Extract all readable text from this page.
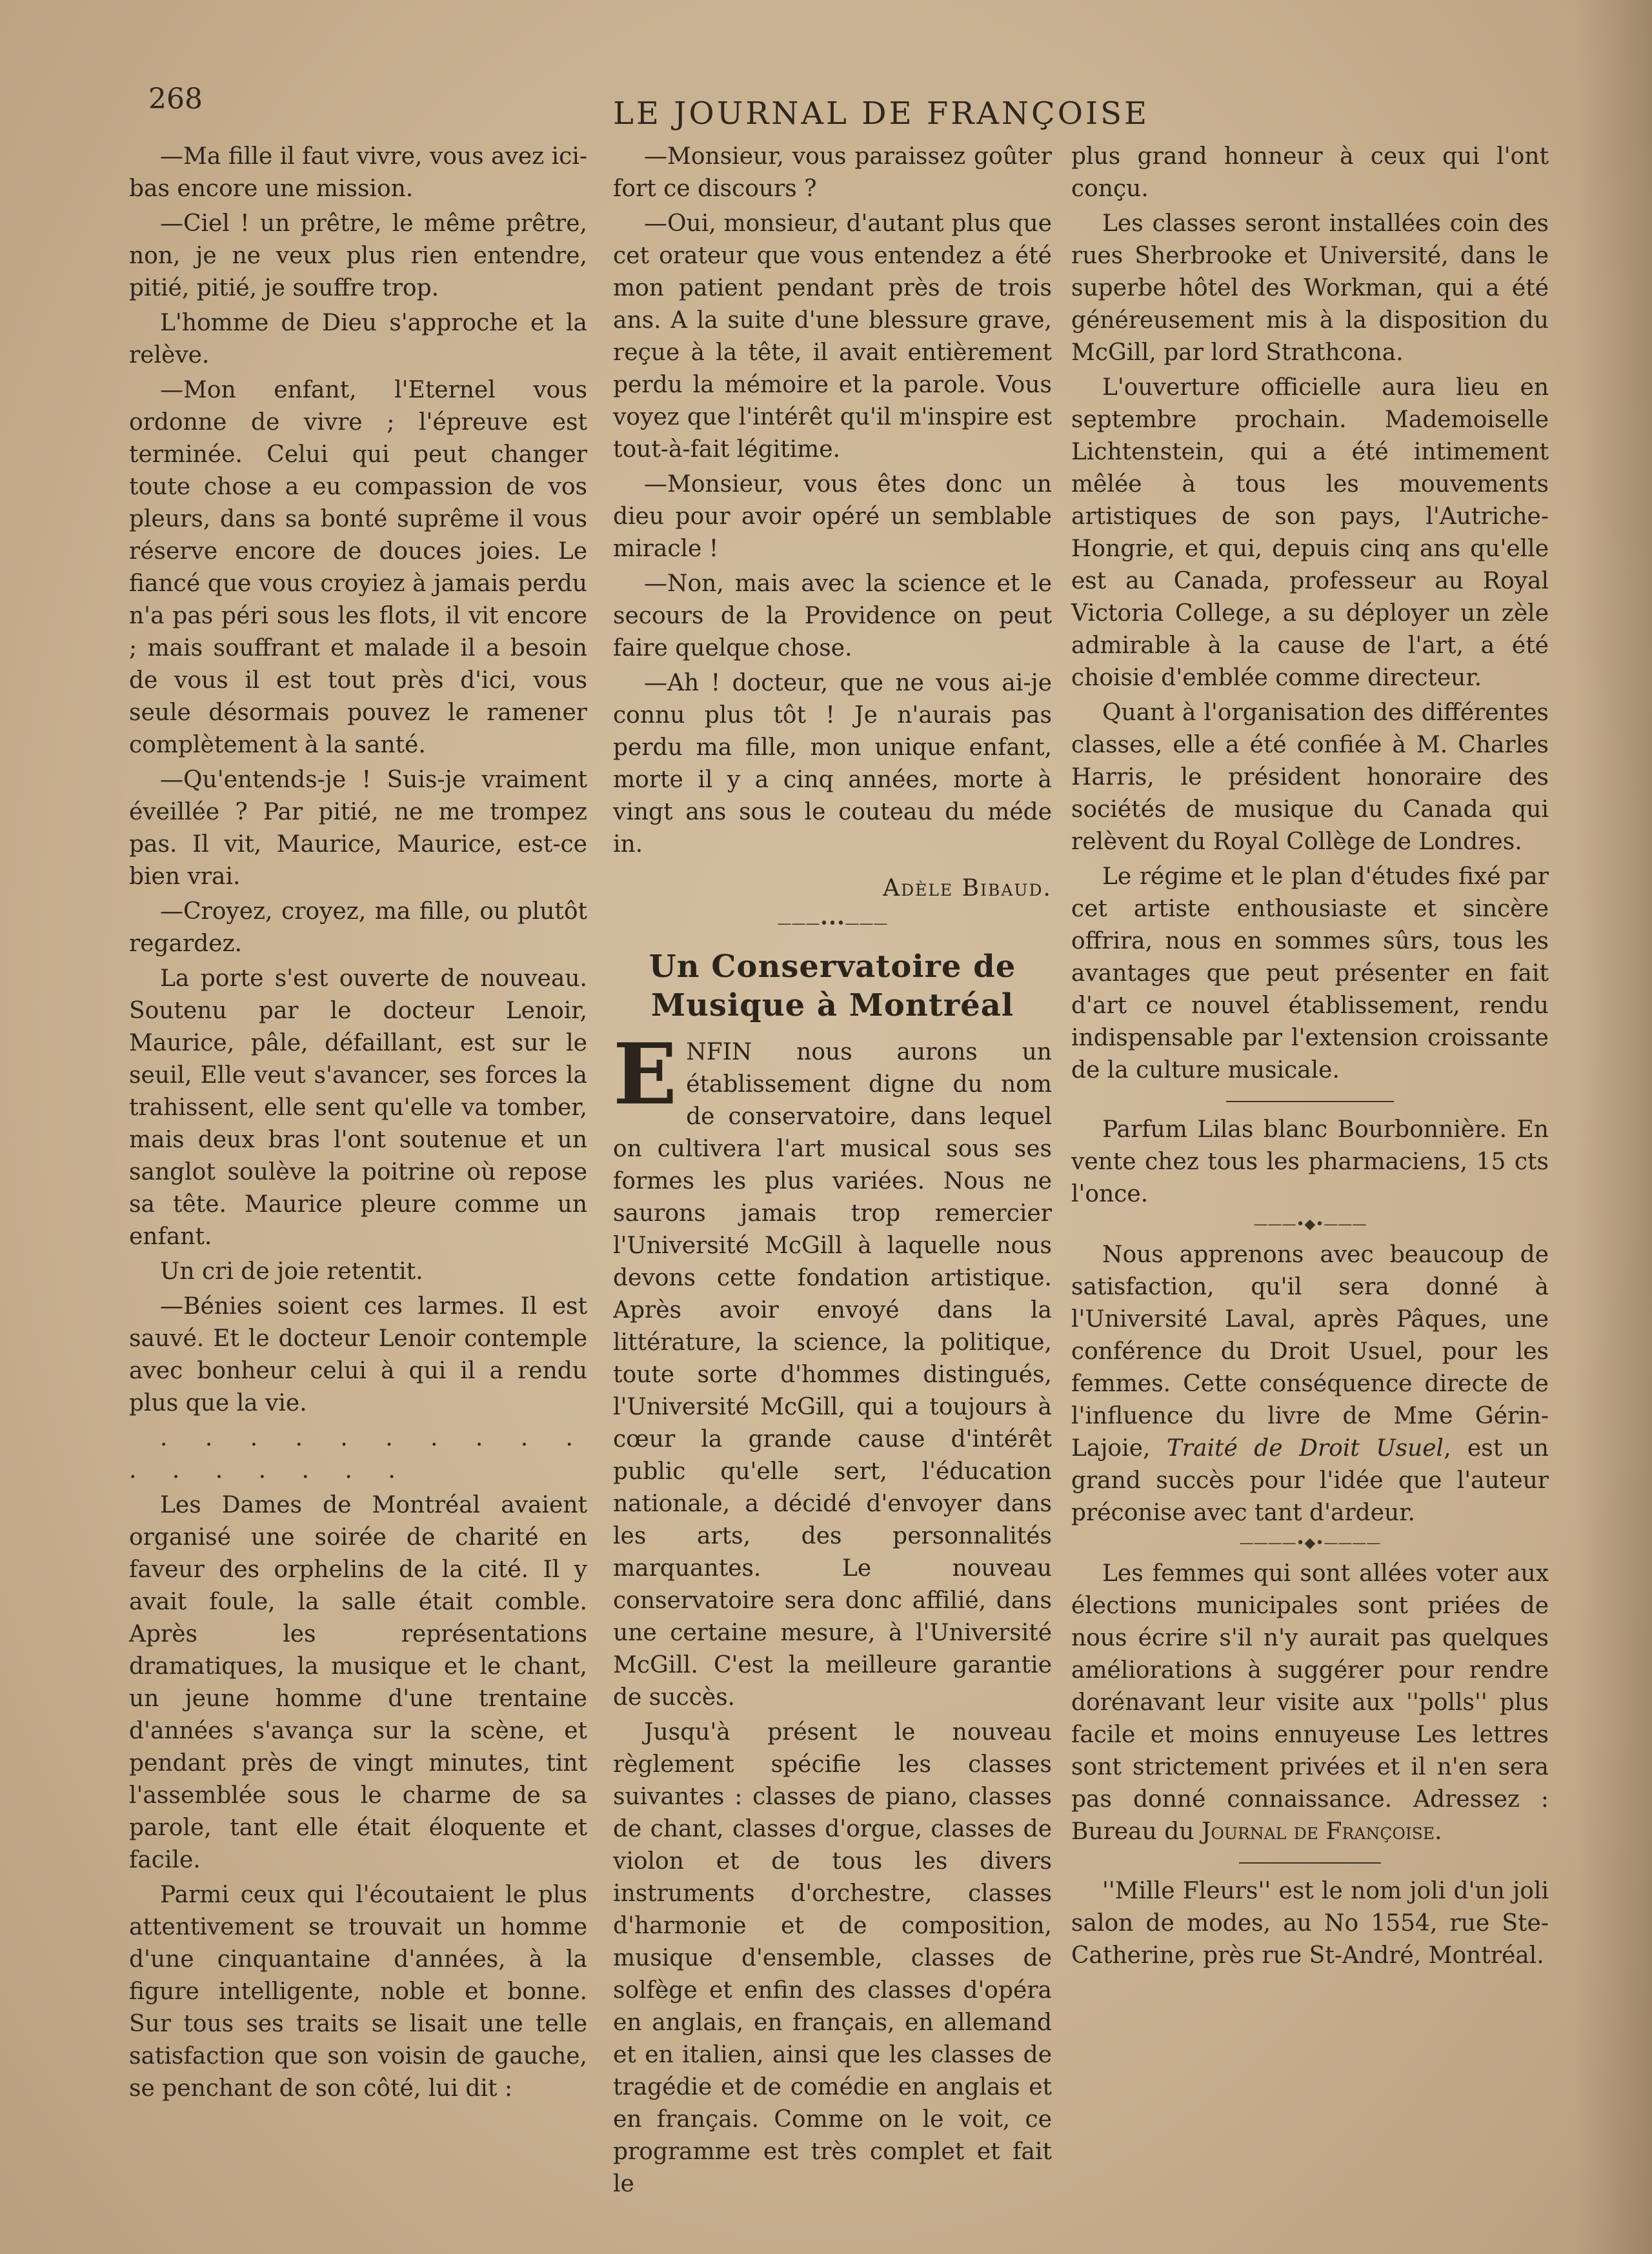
268	LE JOURNAL DE FRANÇOISE

—Ma fille il faut vivre, vous avez ici-bas encore une mission.

—Ciel ! un prêtre, le même prêtre, non, je ne veux plus rien entendre, pitié, pitié, je souffre trop.

L'homme de Dieu s'approche et la relève.

—Mon enfant, l'Eternel vous ordonne de vivre ; l'épreuve est terminée. Celui qui peut changer toute chose a eu compassion de vos pleurs, dans sa bonté suprême il vous réserve encore de douces joies. Le fiancé que vous croyiez à jamais perdu n'a pas péri sous les flots, il vit encore ; mais souffrant et malade il a besoin de vous il est tout près d'ici, vous seule désormais pouvez le ramener complètement à la santé.

—Qu'entends-je ! Suis-je vraiment éveillée ? Par pitié, ne me trompez pas. Il vit, Maurice, Maurice, est-ce bien vrai.

—Croyez, croyez, ma fille, ou plutôt regardez.

La porte s'est ouverte de nouveau. Soutenu par le docteur Lenoir, Maurice, pâle, défaillant, est sur le seuil, Elle veut s'avancer, ses forces la trahissent, elle sent qu'elle va tomber, mais deux bras l'ont soutenue et un sanglot soulève la poitrine où repose sa tête. Maurice pleure comme un enfant.

Un cri de joie retentit.

—Bénies soient ces larmes. Il est sauvé. Et le docteur Lenoir contemple avec bonheur celui à qui il a rendu plus que la vie.

. . . . . . . . . . . . . . . . .

Les Dames de Montréal avaient organisé une soirée de charité en faveur des orphelins de la cité. Il y avait foule, la salle était comble. Après les représentations dramatiques, la musique et le chant, un jeune homme d'une trentaine d'années s'avança sur la scène, et pendant près de vingt minutes, tint l'assemblée sous le charme de sa parole, tant elle était éloquente et facile.

Parmi ceux qui l'écoutaient le plus attentivement se trouvait un homme d'une cinquantaine d'années, à la figure intelligente, noble et bonne. Sur tous ses traits se lisait une telle satisfaction que son voisin de gauche, se penchant de son côté, lui dit :

—Monsieur, vous paraissez goûter fort ce discours ?

—Oui, monsieur, d'autant plus que cet orateur que vous entendez a été mon patient pendant près de trois ans. A la suite d'une blessure grave, reçue à la tête, il avait entièrement perdu la mémoire et la parole. Vous voyez que l'intérêt qu'il m'inspire est tout-à-fait légitime.

—Monsieur, vous êtes donc un dieu pour avoir opéré un semblable miracle !

—Non, mais avec la science et le secours de la Providence on peut faire quelque chose.

—Ah ! docteur, que ne vous ai-je connu plus tôt ! Je n'aurais pas perdu ma fille, mon unique enfant, morte il y a cinq années, morte à vingt ans sous le couteau du méde in.

Adèle Bibaud.
———•••———
Un Conservatoire de Musique à Montréal
E NFIN nous aurons un établissement digne du nom de conservatoire, dans lequel on cultivera l'art musical sous ses formes les plus variées. Nous ne saurons jamais trop remercier l'Université McGill à laquelle nous devons cette fondation artistique. Après avoir envoyé dans la littérature, la science, la politique, toute sorte d'hommes distingués, l'Université McGill, qui a toujours à cœur la grande cause d'intérêt public qu'elle sert, l'éducation nationale, a décidé d'envoyer dans les arts, des personnalités marquantes. Le nouveau conservatoire sera donc affilié, dans une certaine mesure, à l'Université McGill. C'est la meilleure garantie de succès.

Jusqu'à présent le nouveau règlement spécifie les classes suivantes : classes de piano, classes de chant, classes d'orgue, classes de violon et de tous les divers instruments d'orchestre, classes d'harmonie et de composition, musique d'ensemble, classes de solfège et enfin des classes d'opéra en anglais, en français, en allemand et en italien, ainsi que les classes de tragédie et de comédie en anglais et en français. Comme on le voit, ce programme est très complet et fait le

plus grand honneur à ceux qui l'ont conçu.

Les classes seront installées coin des rues Sherbrooke et Université, dans le superbe hôtel des Workman, qui a été généreusement mis à la disposition du McGill, par lord Strathcona.

L'ouverture officielle aura lieu en septembre prochain. Mademoiselle Lichtenstein, qui a été intimement mêlée à tous les mouvements artistiques de son pays, l'Autriche-Hongrie, et qui, depuis cinq ans qu'elle est au Canada, professeur au Royal Victoria College, a su déployer un zèle admirable à la cause de l'art, a été choisie d'emblée comme directeur.

Quant à l'organisation des différentes classes, elle a été confiée à M. Charles Harris, le président honoraire des sociétés de musique du Canada qui relèvent du Royal Collège de Londres.

Le régime et le plan d'études fixé par cet artiste enthousiaste et sincère offrira, nous en sommes sûrs, tous les avantages que peut présenter en fait d'art ce nouvel établissement, rendu indispensable par l'extension croissante de la culture musicale.

Parfum Lilas blanc Bourbonnière. En vente chez tous les pharmaciens, 15 cts l'once.

———•◆•———

Nous apprenons avec beaucoup de satisfaction, qu'il sera donné à l'Université Laval, après Pâques, une conférence du Droit Usuel, pour les femmes. Cette conséquence directe de l'influence du livre de Mme Gérin-Lajoie, Traité de Droit Usuel, est un grand succès pour l'idée que l'auteur préconise avec tant d'ardeur.

————•◆•————

Les femmes qui sont allées voter aux élections municipales sont priées de nous écrire s'il n'y aurait pas quelques améliorations à suggérer pour rendre dorénavant leur visite aux ''polls'' plus facile et moins ennuyeuse Les lettres sont strictement privées et il n'en sera pas donné connaissance. Adressez : Bureau du Journal de Françoise.

''Mille Fleurs'' est le nom joli d'un joli salon de modes, au No 1554, rue Ste-Catherine, près rue St-André, Montréal.
